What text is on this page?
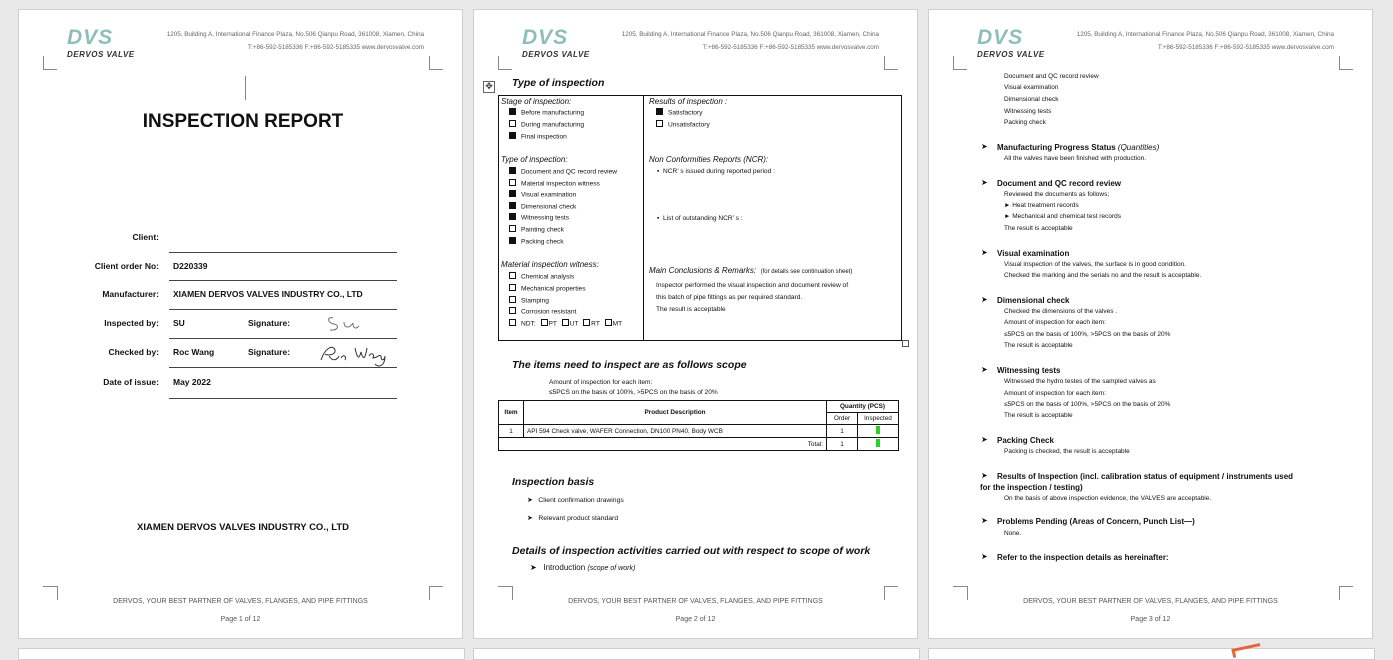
DVS
DERVOS VALVE
1205, Building A, International Finance Plaza, No.506 Qianpu Road, 361008, Xiamen, China
T:+86-592-5185336 F:+86-592-5185335 www.dervosvalve.com
INSPECTION REPORT
Client:
Client order No: D220339
Manufacturer: XIAMEN DERVOS VALVES INDUSTRY CO., LTD
Inspected by: SU	Signature:
Checked by: Roc Wang	Signature:
Date of issue: May 2022
XIAMEN DERVOS VALVES INDUSTRY CO., LTD
DERVOS, YOUR BEST PARTNER OF VALVES, FLANGES, AND PIPE FITTINGS
Page 1 of 12
DVS
DERVOS VALVE
1205, Building A, International Finance Plaza, No.506 Qianpu Road, 361008, Xiamen, China
T:+86-592-5185336 F:+86-592-5185335 www.dervosvalve.com
✥ Type of inspection
Stage of inspection:	Results of inspection :
Type of inspection:	Non Conformities Reports (NCR):
▪  NCR’ s issued during reported period :
▪  List of outstanding NCR’ s :
Material inspection witness:
NDT: PT UT RT MT
Main Conclusions & Remarks: (for details see continuation sheet)
Inspector performed the visual inspection and document review of
this batch of pipe fittings as per required standard.
The result is acceptable
The items need to inspect are as follows scope
Amount of inspection for each item:
≤5PCS on the basis of 100%, >5PCS on the basis of 20%
Item	Product Description	Quantity (PCS)	
		Order	Inspected
1	API 594 Check valve, WAFER Connection, DN100 PN40, Body WCB	1	
	Total:	1	
Inspection basis
➤ Client confirmation drawings
➤ Relevant product standard
Details of inspection activities carried out with respect to scope of work
➤ Introduction (scope of work)
DERVOS, YOUR BEST PARTNER OF VALVES, FLANGES, AND PIPE FITTINGS
Page 2 of 12
Before manufacturing
During manufacturing
Final inspection
Satisfactory
Unsatisfactory
Document and QC record review
Material inspection witness
Visual examination
Dimensional check
Witnessing tests
Painting check
Packing check
Chemical analysis
Mechanical properties
Stamping
Corrosion resistant
DVS
DERVOS VALVE
1205, Building A, International Finance Plaza, No.506 Qianpu Road, 361008, Xiamen, China
T:+86-592-5185336 F:+86-592-5185335 www.dervosvalve.com
Document and QC record review
Visual examination
Dimensional check
Witnessing tests
Packing check
➤ Manufacturing Progress Status (Quantities)
All the valves have been finished with production.
➤ Document and QC record review
Reviewed the documents as follows;
► Heat treatment records
► Mechanical and chemical test records
The result is acceptable
➤ Visual examination
Visual inspection of the valves, the surface is in good condition.
Checked the marking and the serials no and the result is acceptable.
➤ Dimensional check
Checked the dimensions of the valves .
Amount of inspection for each item:
≤5PCS on the basis of 100%, >5PCS on the basis of 20%
The result is acceptable
➤ Witnessing tests
Witnessed the hydro testes of the sampled valves as
Amount of inspection for each item:
≤5PCS on the basis of 100%, >5PCS on the basis of 20%
The result is acceptable
➤ Packing Check
Packing is checked, the result is acceptable
➤ Results of Inspection (incl. calibration status of equipment / instruments used
for the inspection / testing)
On the basis of above inspection evidence, the VALVES are acceptable.
➤ Problems Pending (Areas of Concern, Punch List—)
None.
➤ Refer to the inspection details as hereinafter:
DERVOS, YOUR BEST PARTNER OF VALVES, FLANGES, AND PIPE FITTINGS
Page 3 of 12
